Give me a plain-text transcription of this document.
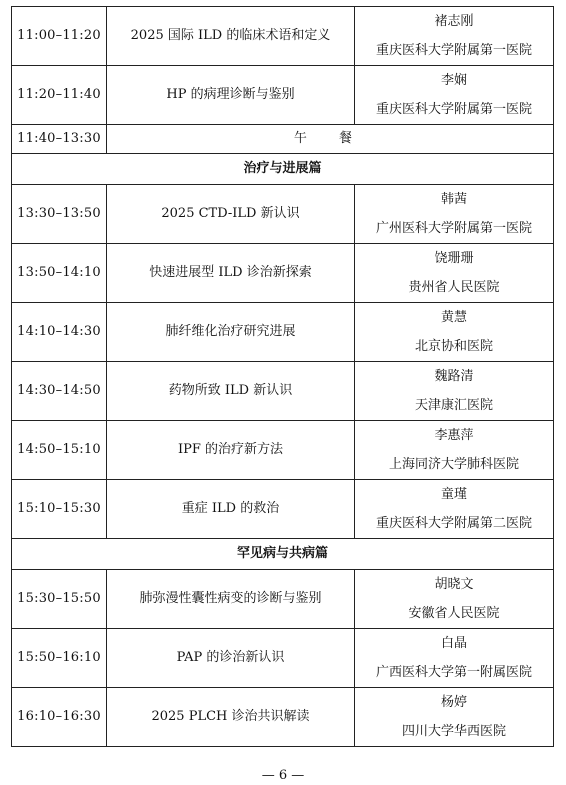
11:00–11:20	2025 国际 ILD 的临床术语和定义	褚志刚
重庆医科大学附属第一医院

11:20–11:40	HP 的病理诊断与鉴别	李娴
重庆医科大学附属第一医院

11:40–13:30	午 餐	
治疗与进展篇		
13:30–13:50	2025 CTD-ILD 新认识	韩茜
广州医科大学附属第一医院

13:50–14:10	快速进展型 ILD 诊治新探索	饶珊珊
贵州省人民医院

14:10–14:30	肺纤维化治疗研究进展	黄慧
北京协和医院

14:30–14:50	药物所致 ILD 新认识	魏路清
天津康汇医院

14:50–15:10	IPF 的治疗新方法	李惠萍
上海同济大学肺科医院

15:10–15:30	重症 ILD 的救治	童瑾
重庆医科大学附属第二医院

罕见病与共病篇		
15:30–15:50	肺弥漫性囊性病变的诊断与鉴别	胡晓文
安徽省人民医院

15:50–16:10	PAP 的诊治新认识	白晶
广西医科大学第一附属医院

16:10–16:30	2025 PLCH 诊治共识解读	杨婷
四川大学华西医院
— 6 —
